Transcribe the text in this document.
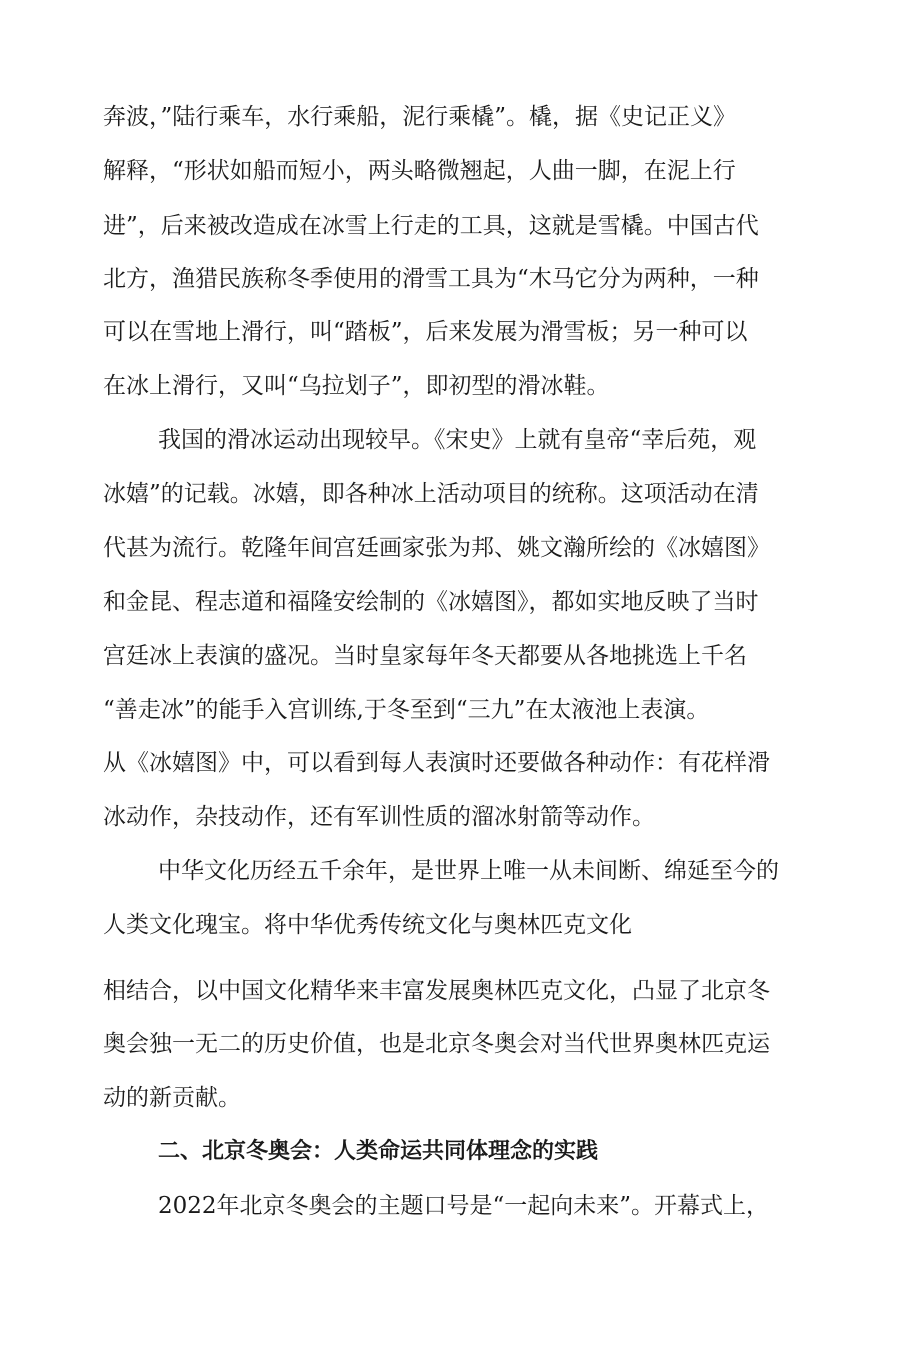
奔波，”陆行乘车，水行乘船，泥行乘橇”。橇，据《史记正义》
解释，“形状如船而短小，两头略微翘起，人曲一脚，在泥上行
进”，后来被改造成在冰雪上行走的工具，这就是雪橇。中国古代
北方，渔猎民族称冬季使用的滑雪工具为“木马它分为两种，一种
可以在雪地上滑行，叫“踏板”，后来发展为滑雪板；另一种可以
在冰上滑行，又叫“乌拉划子”，即初型的滑冰鞋。
我国的滑冰运动出现较早。《宋史》上就有皇帝“幸后苑，观
冰嬉”的记载。冰嬉，即各种冰上活动项目的统称。这项活动在清
代甚为流行。乾隆年间宫廷画家张为邦、姚文瀚所绘的《冰嬉图》
和金昆、程志道和福隆安绘制的《冰嬉图》，都如实地反映了当时
宫廷冰上表演的盛况。当时皇家每年冬天都要从各地挑选上千名
“善走冰”的能手入宫训练,于冬至到“三九”在太液池上表演。
从《冰嬉图》中，可以看到每人表演时还要做各种动作：有花样滑
冰动作，杂技动作，还有军训性质的溜冰射箭等动作。
中华文化历经五千余年，是世界上唯一从未间断、绵延至今的
人类文化瑰宝。将中华优秀传统文化与奥林匹克文化
相结合，以中国文化精华来丰富发展奥林匹克文化，凸显了北京冬
奥会独一无二的历史价值，也是北京冬奥会对当代世界奥林匹克运
动的新贡献。
二、北京冬奥会：人类命运共同体理念的实践
2022年北京冬奥会的主题口号是“一起向未来”。开幕式上，
